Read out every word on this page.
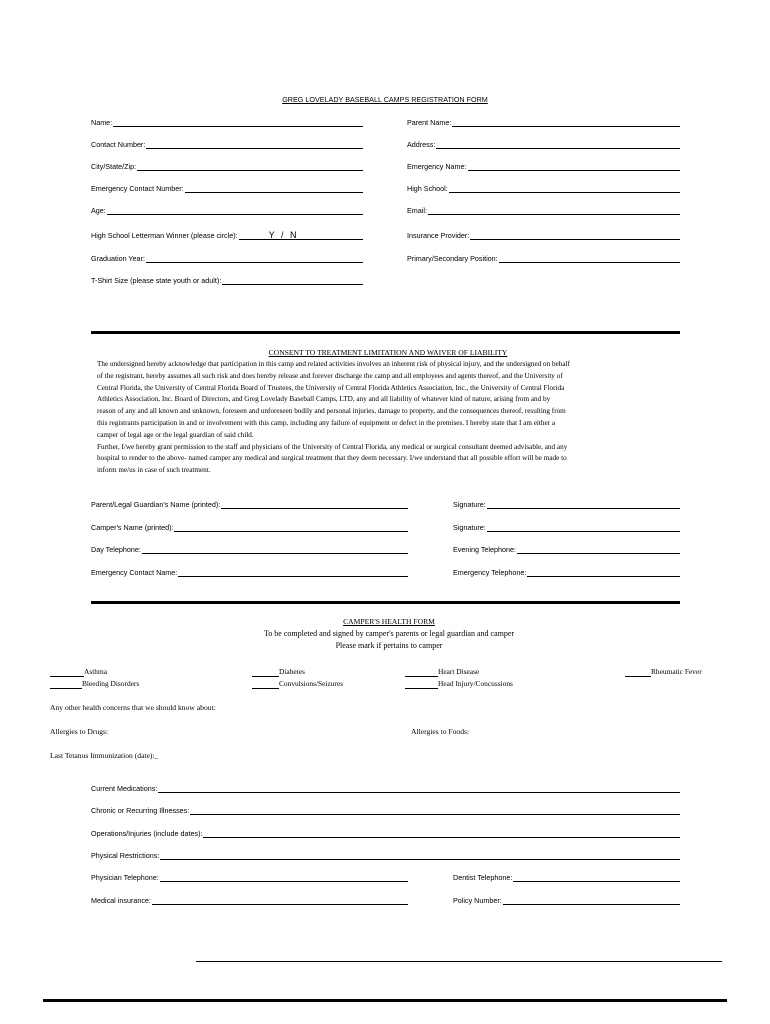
GREG LOVELADY BASEBALL CAMPS REGISTRATION FORM
Name:
Contact Number:
City/State/Zip:
Emergency Contact Number:
Age:
High School Letterman Winner (please circle):	Y / N
Graduation Year:
T-Shirt Size (please state youth or adult):
Parent Name:
Address:
Emergency Name:
High School:
Email:
Insurance Provider:
Primary/Secondary Position:
CONSENT TO TREATMENT LIMITATION AND WAIVER OF LIABILITY
The undersigned hereby acknowledge that participation in this camp and related activities involves an inherent risk of physical injury, and the undersigned on behalf
of the registrant, hereby assumes all such risk and does hereby release and forever discharge the camp and all employees and agents thereof, and the University of
Central Florida, the University of Central Florida Board of Trustees, the University of Central Florida Athletics Association, Inc., the University of Central Florida
Athletics Association, Inc. Board of Directors, and Greg Lovelady Baseball Camps, LTD, any and all liability of whatever kind of nature, arising from and by
reason of any and all known and unknown, foreseen and unforeseen bodily and personal injuries, damage to property, and the consequences thereof, resulting from
this registrants participation in and or involvement with this camp, including any failure of equipment or defect in the premises. I hereby state that I am either a
camper of legal age or the legal guardian of said child.
Further, I/we hereby grant permission to the staff and physicians of the University of Central Florida, any medical or surgical consultant deemed advisable, and any
hospital to render to the above- named camper any medical and surgical treatment that they deem necessary. I/we understand that all possible effort will be made to
inform me/us in case of such treatment.
Parent/Legal Guardian's Name (printed):
Camper's Name (printed):
Day Telephone:
Emergency Contact Name:
Signature:
Signature:
Evening Telephone:
Emergency Telephone:
CAMPER'S HEALTH FORM
To be completed and signed by camper's parents or legal guardian and camper
Please mark if pertains to camper
Asthma
Bleeding Disorders
Diabetes
Convulsions/Seizures
Heart Disease
Head Injury/Concussions
Rheumatic Fever
Any other health concerns that we should know about:
Allergies to Drugs:	Allergies to Foods:
Last Tetanus Immunization (date):_
Current Medications:
Chronic or Recurring Illnesses:
Operations/Injuries (include dates):
Physical Restrictions:
Physician Telephone:
Medical insurance:
Dentist Telephone:
Policy Number:
